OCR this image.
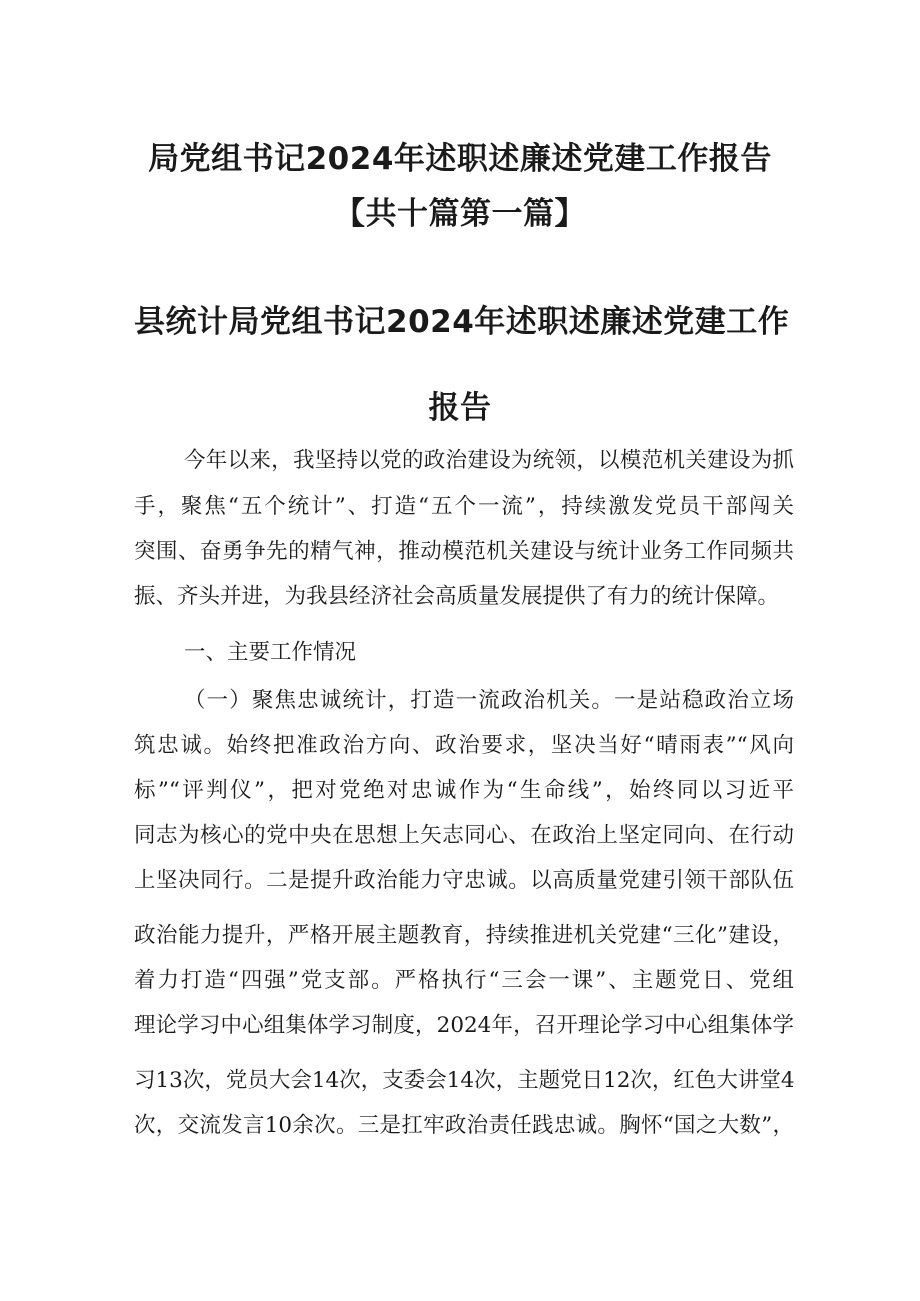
局党组书记2024年述职述廉述党建工作报告
【共十篇第一篇】
县统计局党组书记2024年述职述廉述党建工作
报告
今年以来，我坚持以党的政治建设为统领，以模范机关建设为抓
手，聚焦“五个统计”、打造“五个一流”，持续激发党员干部闯关
突围、奋勇争先的精气神，推动模范机关建设与统计业务工作同频共
振、齐头并进，为我县经济社会高质量发展提供了有力的统计保障。
一、主要工作情况
（一）聚焦忠诚统计，打造一流政治机关。一是站稳政治立场
筑忠诚。始终把准政治方向、政治要求，坚决当好“晴雨表”“风向
标”“评判仪”，把对党绝对忠诚作为“生命线”，始终同以习近平
同志为核心的党中央在思想上矢志同心、在政治上坚定同向、在行动
上坚决同行。二是提升政治能力守忠诚。以高质量党建引领干部队伍
政治能力提升，严格开展主题教育，持续推进机关党建“三化”建设，
着力打造“四强”党支部。严格执行“三会一课”、主题党日、党组
理论学习中心组集体学习制度，2024年，召开理论学习中心组集体学
习13次，党员大会14次，支委会14次，主题党日12次，红色大讲堂4
次，交流发言10余次。三是扛牢政治责任践忠诚。胸怀“国之大数”，
